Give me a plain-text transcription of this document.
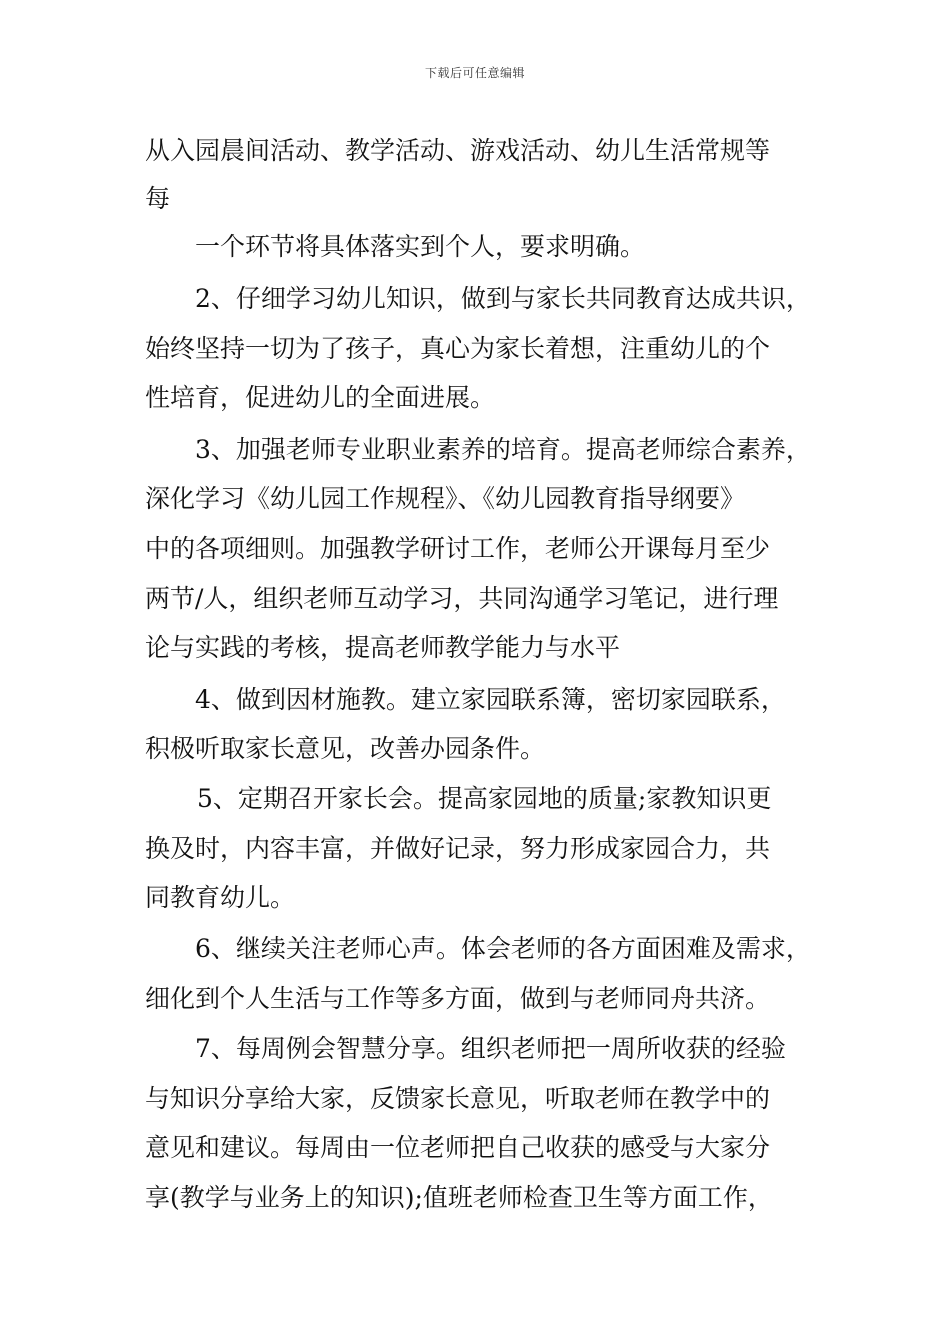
下载后可任意编辑
从入园晨间活动、教学活动、游戏活动、幼儿生活常规等
每
一个环节将具体落实到个人，要求明确。
2、仔细学习幼儿知识，做到与家长共同教育达成共识，
始终坚持一切为了孩子，真心为家长着想，注重幼儿的个
性培育，促进幼儿的全面进展。
3、加强老师专业职业素养的培育。提高老师综合素养，
深化学习《幼儿园工作规程》、《幼儿园教育指导纲要》
中的各项细则。加强教学研讨工作，老师公开课每月至少
两节/人，组织老师互动学习，共同沟通学习笔记，进行理
论与实践的考核，提高老师教学能力与水平
4、做到因材施教。建立家园联系簿，密切家园联系，
积极听取家长意见，改善办园条件。
5、定期召开家长会。提高家园地的质量;家教知识更
换及时，内容丰富，并做好记录，努力形成家园合力，共
同教育幼儿。
6、继续关注老师心声。体会老师的各方面困难及需求，
细化到个人生活与工作等多方面，做到与老师同舟共济。
7、每周例会智慧分享。组织老师把一周所收获的经验
与知识分享给大家，反馈家长意见，听取老师在教学中的
意见和建议。每周由一位老师把自己收获的感受与大家分
享(教学与业务上的知识);值班老师检查卫生等方面工作，
